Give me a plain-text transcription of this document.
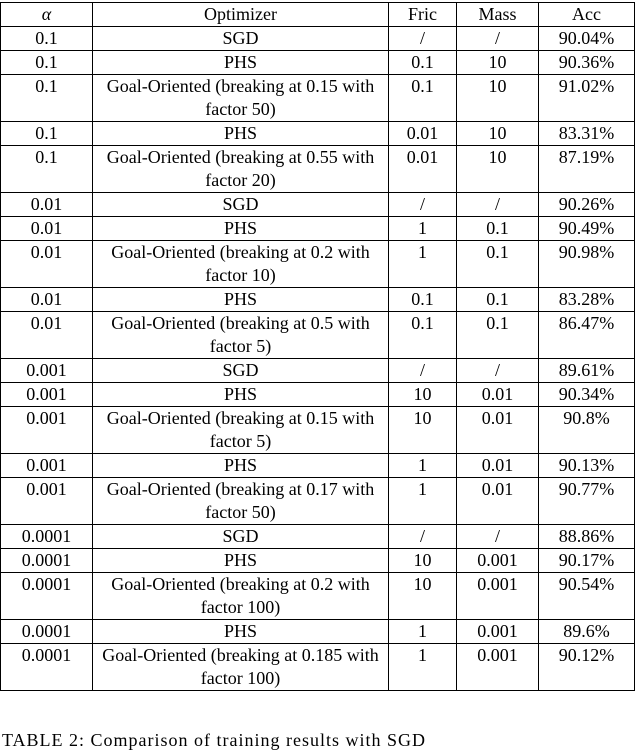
α	Optimizer	Fric	Mass	Acc
0.1	SGD	/	/	90.04%
0.1	PHS	0.1	10	90.36%
0.1	Goal-Oriented (breaking at 0.15 with factor 50)	0.1	10	91.02%
0.1	PHS	0.01	10	83.31%
0.1	Goal-Oriented (breaking at 0.55 with factor 20)	0.01	10	87.19%
0.01	SGD	/	/	90.26%
0.01	PHS	1	0.1	90.49%
0.01	Goal-Oriented (breaking at 0.2 with factor 10)	1	0.1	90.98%
0.01	PHS	0.1	0.1	83.28%
0.01	Goal-Oriented (breaking at 0.5 with factor 5)	0.1	0.1	86.47%
0.001	SGD	/	/	89.61%
0.001	PHS	10	0.01	90.34%
0.001	Goal-Oriented (breaking at 0.15 with factor 5)	10	0.01	90.8%
0.001	PHS	1	0.01	90.13%
0.001	Goal-Oriented (breaking at 0.17 with factor 50)	1	0.01	90.77%
0.0001	SGD	/	/	88.86%
0.0001	PHS	10	0.001	90.17%
0.0001	Goal-Oriented (breaking at 0.2 with factor 100)	10	0.001	90.54%
0.0001	PHS	1	0.001	89.6%
0.0001	Goal-Oriented (breaking at 0.185 with factor 100)	1	0.001	90.12%
TABLE 2: Comparison of training results with SGD
